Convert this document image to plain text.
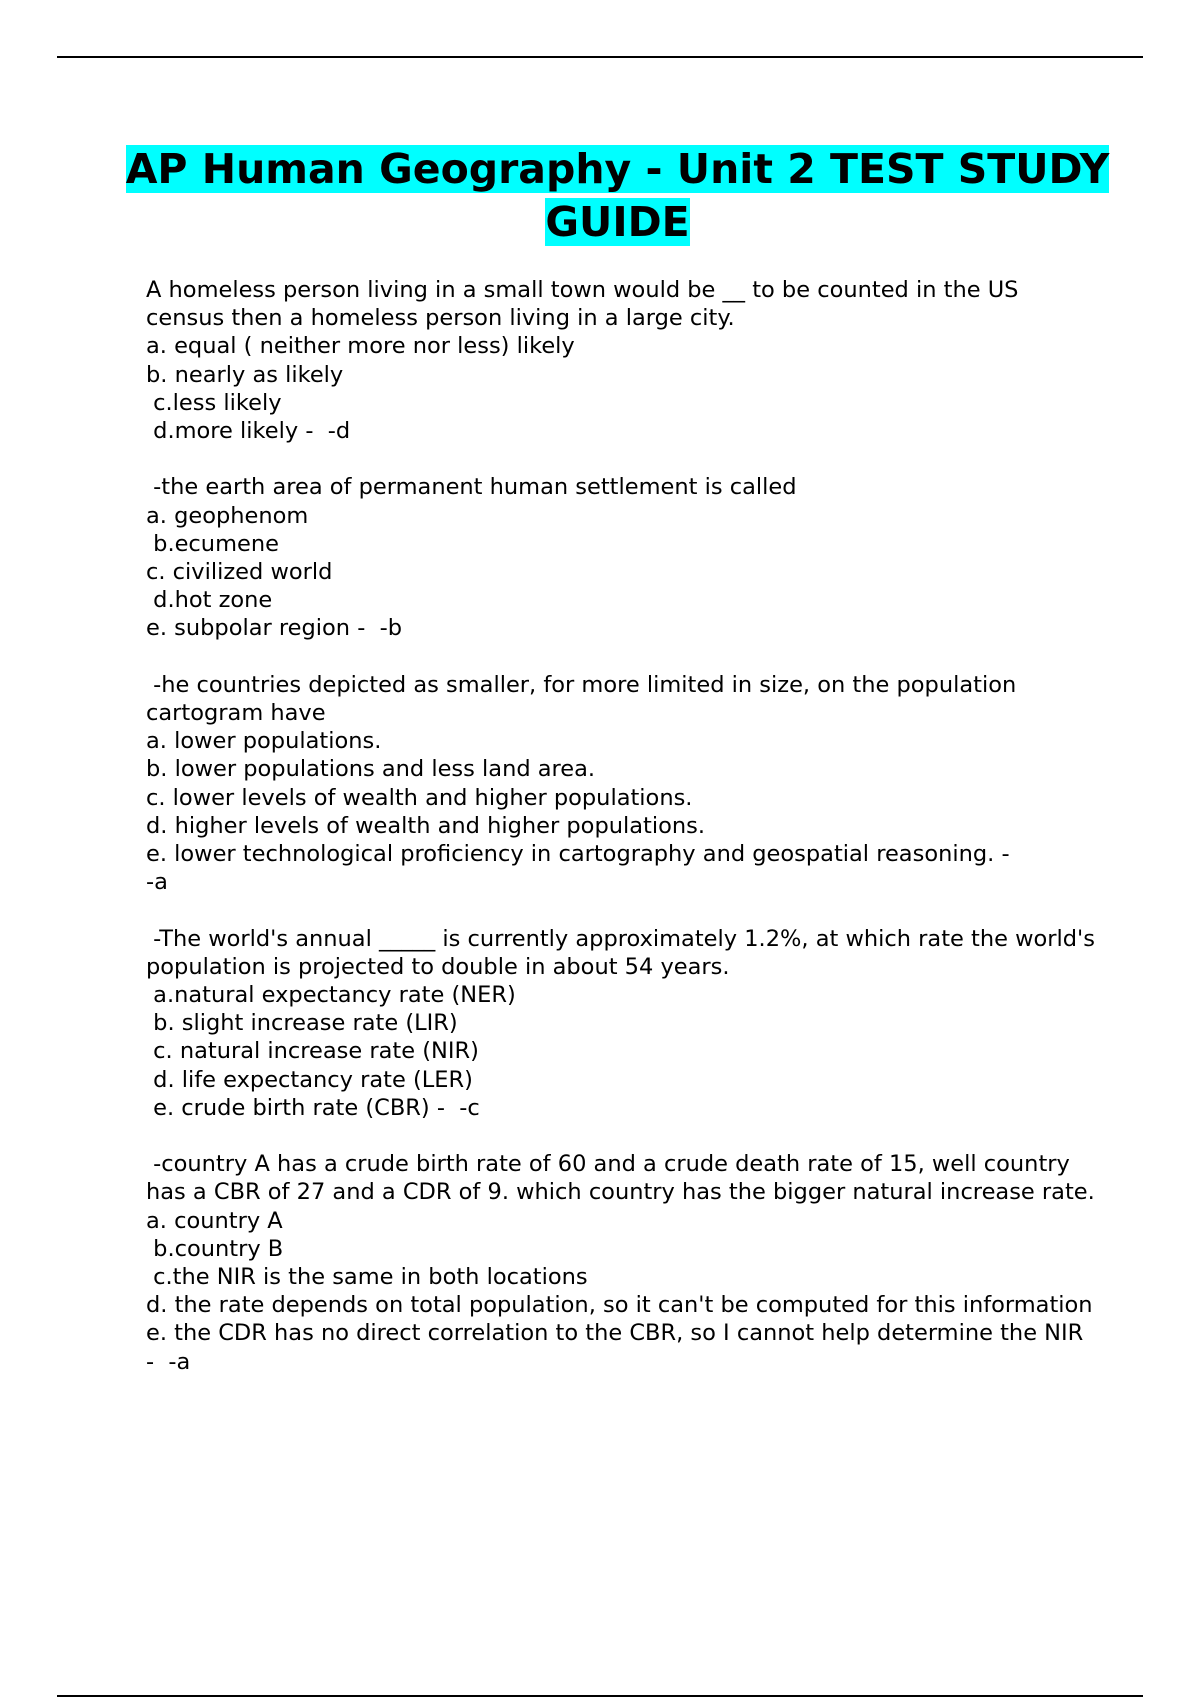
AP Human Geography - Unit 2 TEST STUDY GUIDE
A homeless person living in a small town would be __ to be counted in the US census then a homeless person living in a large city.
a. equal ( neither more nor less) likely
b. nearly as likely
c.less likely
d.more likely -  -d
-the earth area of permanent human settlement is called
a. geophenom
b.ecumene
c. civilized world
d.hot zone
e. subpolar region -  -b
-he countries depicted as smaller, for more limited in size, on the population cartogram have
a. lower populations.
b. lower populations and less land area.
c. lower levels of wealth and higher populations.
d. higher levels of wealth and higher populations.
e. lower technological proficiency in cartography and geospatial reasoning. -
-a
-The world's annual _____ is currently approximately 1.2%, at which rate the world's population is projected to double in about 54 years.
a.natural expectancy rate (NER)
b. slight increase rate (LIR)
c. natural increase rate (NIR)
d. life expectancy rate (LER)
e. crude birth rate (CBR) -  -c
-country A has a crude birth rate of 60 and a crude death rate of 15, well country has a CBR of 27 and a CDR of 9. which country has the bigger natural increase rate.
a. country A
b.country B
c.the NIR is the same in both locations
d. the rate depends on total population, so it can't be computed for this information
e. the CDR has no direct correlation to the CBR, so I cannot help determine the NIR -  -a
